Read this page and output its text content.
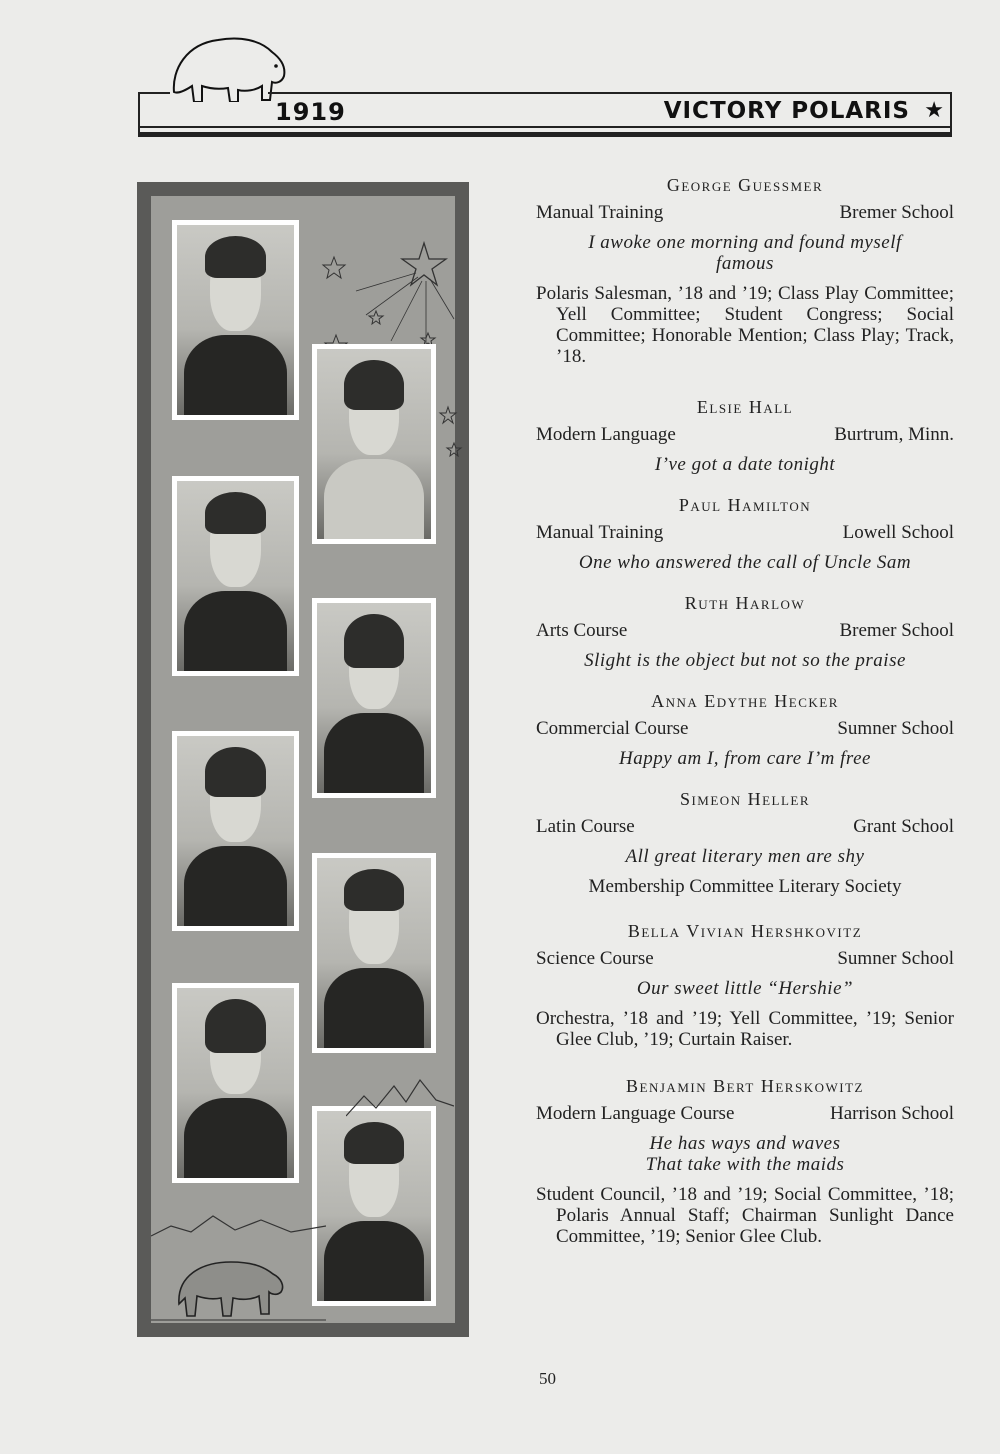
1919	VICTORY POLARIS ★
George Guessmer
Manual Training	Bremer School
I awoke one morning and found myself
famous
Polaris Salesman, ’18 and ’19; Class Play Committee; Yell Committee; Student Congress; Social Committee; Honorable Mention; Class Play; Track, ’18.
Elsie Hall
Modern Language	Burtrum, Minn.
I’ve got a date tonight
Paul Hamilton
Manual Training	Lowell School
One who answered the call of Uncle Sam
Ruth Harlow
Arts Course	Bremer School
Slight is the object but not so the praise
Anna Edythe Hecker
Commercial Course	Sumner School
Happy am I, from care I’m free
Simeon Heller
Latin Course	Grant School
All great literary men are shy
Membership Committee Literary Society
Bella Vivian Hershkovitz
Science Course	Sumner School
Our sweet little “Hershie”
Orchestra, ’18 and ’19; Yell Committee, ’19; Senior Glee Club, ’19; Curtain Raiser.
Benjamin Bert Herskowitz
Modern Language Course	Harrison School
He has ways and waves
That take with the maids
Student Council, ’18 and ’19; Social Committee, ’18; Polaris Annual Staff; Chairman Sunlight Dance Committee, ’19; Senior Glee Club.
50
